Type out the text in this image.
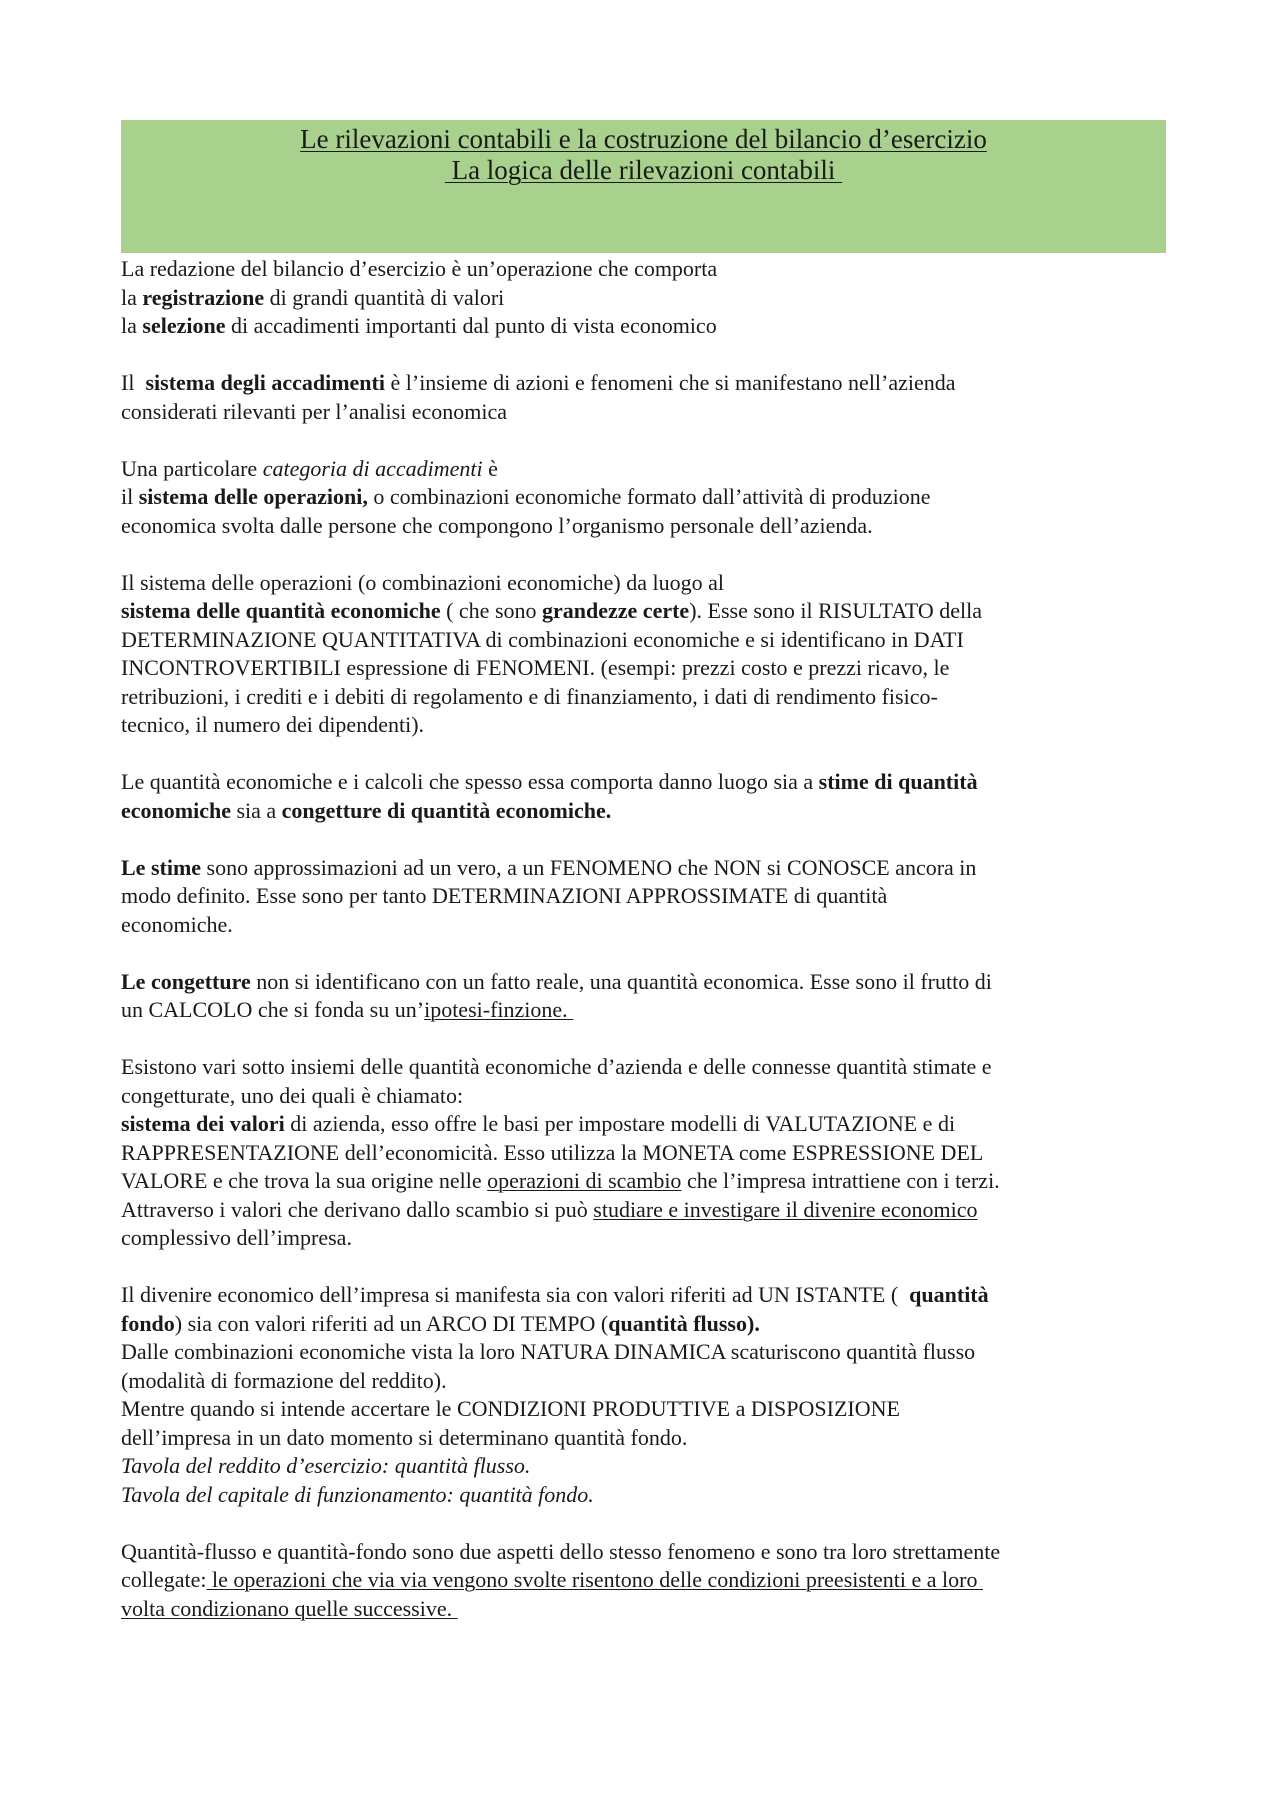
Le rilevazioni contabili e la costruzione del bilancio d’esercizio
La logica delle rilevazioni contabili

La redazione del bilancio d’esercizio è un’operazione che comporta
la registrazione di grandi quantità di valori
la selezione di accadimenti importanti dal punto di vista economico

Il  sistema degli accadimenti è l’insieme di azioni e fenomeni che si manifestano nell’azienda
considerati rilevanti per l’analisi economica

Una particolare categoria di accadimenti è
il sistema delle operazioni, o combinazioni economiche formato dall’attività di produzione
economica svolta dalle persone che compongono l’organismo personale dell’azienda.

Il sistema delle operazioni (o combinazioni economiche) da luogo al
sistema delle quantità economiche ( che sono grandezze certe). Esse sono il RISULTATO della
DETERMINAZIONE QUANTITATIVA di combinazioni economiche e si identificano in DATI
INCONTROVERTIBILI espressione di FENOMENI. (esempi: prezzi costo e prezzi ricavo, le
retribuzioni, i crediti e i debiti di regolamento e di finanziamento, i dati di rendimento fisico-
tecnico, il numero dei dipendenti).

Le quantità economiche e i calcoli che spesso essa comporta danno luogo sia a stime di quantità
economiche sia a congetture di quantità economiche.

Le stime sono approssimazioni ad un vero, a un FENOMENO che NON si CONOSCE ancora in
modo definito. Esse sono per tanto DETERMINAZIONI APPROSSIMATE di quantità
economiche.

Le congetture non si identificano con un fatto reale, una quantità economica. Esse sono il frutto di
un CALCOLO che si fonda su un’ipotesi-finzione.

Esistono vari sotto insiemi delle quantità economiche d’azienda e delle connesse quantità stimate e
congetturate, uno dei quali è chiamato:
sistema dei valori di azienda, esso offre le basi per impostare modelli di VALUTAZIONE e di
RAPPRESENTAZIONE dell’economicità. Esso utilizza la MONETA come ESPRESSIONE DEL
VALORE e che trova la sua origine nelle operazioni di scambio che l’impresa intrattiene con i terzi.
Attraverso i valori che derivano dallo scambio si può studiare e investigare il divenire economico
complessivo dell’impresa.

Il divenire economico dell’impresa si manifesta sia con valori riferiti ad UN ISTANTE (  quantità
fondo) sia con valori riferiti ad un ARCO DI TEMPO (quantità flusso).
Dalle combinazioni economiche vista la loro NATURA DINAMICA scaturiscono quantità flusso
(modalità di formazione del reddito).
Mentre quando si intende accertare le CONDIZIONI PRODUTTIVE a DISPOSIZIONE
dell’impresa in un dato momento si determinano quantità fondo.
Tavola del reddito d’esercizio: quantità flusso.
Tavola del capitale di funzionamento: quantità fondo.

Quantità-flusso e quantità-fondo sono due aspetti dello stesso fenomeno e sono tra loro strettamente
collegate: le operazioni che via via vengono svolte risentono delle condizioni preesistenti e a loro
volta condizionano quelle successive.
